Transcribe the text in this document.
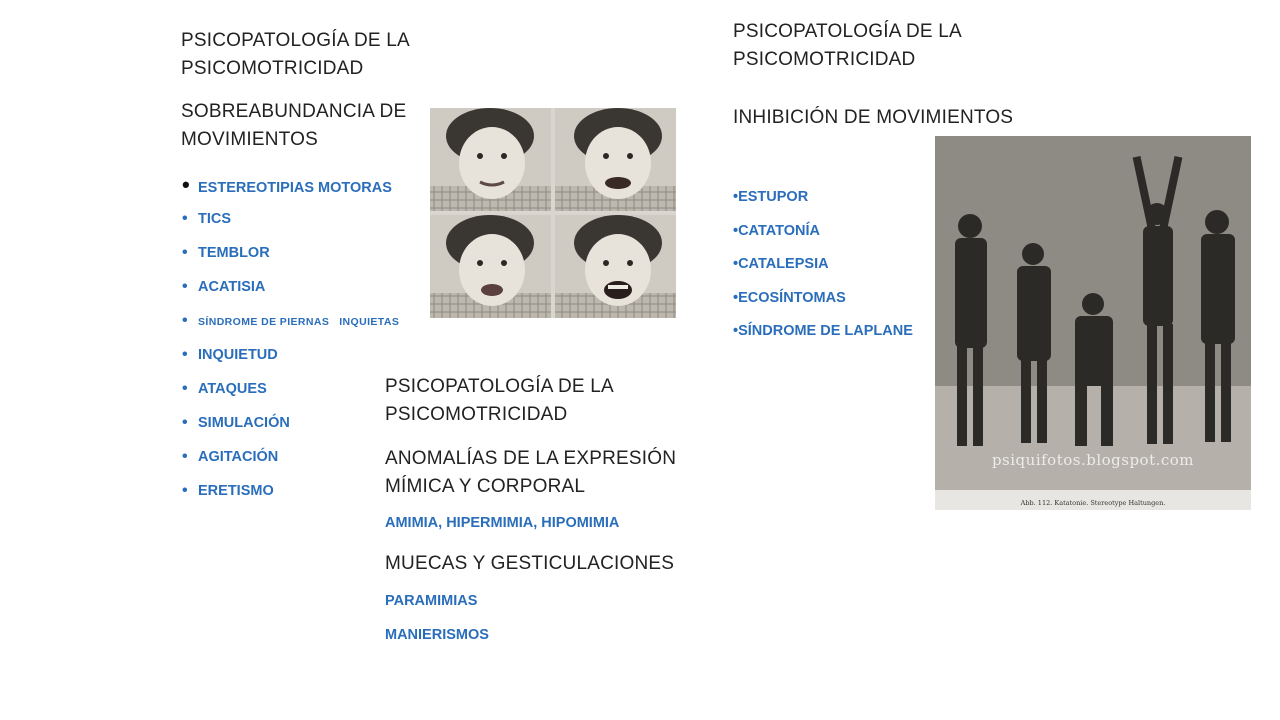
PSICOPATOLOGÍA DE LA PSICOMOTRICIDAD
SOBREABUNDANCIA DE MOVIMIENTOS
• ESTEREOTIPIAS MOTORAS
• TICS
• TEMBLOR
• ACATISIA
• SÍNDROME DE PIERNAS   INQUIETAS
• INQUIETUD
• ATAQUES
• SIMULACIÓN
• AGITACIÓN
• ERETISMO
PSICOPATOLOGÍA DE LA PSICOMOTRICIDAD
ANOMALÍAS DE LA EXPRESIÓN MÍMICA Y CORPORAL
AMIMIA, HIPERMIMIA, HIPOMIMIA
MUECAS Y GESTICULACIONES
PARAMIMIAS
MANIERISMOS
PSICOPATOLOGÍA DE LA PSICOMOTRICIDAD
INHIBICIÓN DE MOVIMIENTOS
•ESTUPOR
•CATATONÍA
•CATALEPSIA
•ECOSÍNTOMAS
•SÍNDROME DE LAPLANE
psiquifotos.blogspot.com
Abb. 112. Katatonie. Stereotype Haltungen.
